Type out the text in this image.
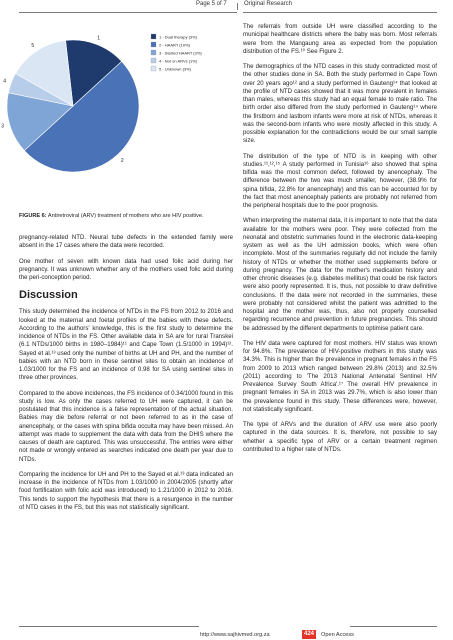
Page 5 of 7	Original Research
1
2
3
4
5
1 - Dual therapy (3%)
2 - HAART (10%)
3 - Started HAART (3%)
4 - Not on ARVs (1%)
5 - Unknown (3%)
FIGURE 6: Antiretroviral (ARV) treatment of mothers who are HIV positive.

pregnancy-related NTD. Neural tube defects in the extended family were absent in the 17 cases where the data were recorded.

One mother of seven with known data had used folic acid during her pregnancy. It was unknown whether any of the mothers used folic acid during the peri-conception period.

Discussion

This study determined the incidence of NTDs in the FS from 2012 to 2016 and looked at the maternal and foetal profiles of the babies with these defects. According to the authors' knowledge, this is the first study to determine the incidence of NTDs in the FS. Other available data in SA are for rural Transkei (6.1 NTDs/1000 births in 1980–1984)¹¹ and Cape Town (1.5/1000 in 1994)¹². Sayed et al.¹³ used only the number of births at UH and PH, and the number of babies with an NTD born in these sentinel sites to obtain an incidence of 1.03/1000 for the FS and an incidence of 0.98 for SA using sentinel sites in three other provinces.

Compared to the above incidences, the FS incidence of 0.34/1000 found in this study is low. As only the cases referred to UH were captured, it can be postulated that this incidence is a false representation of the actual situation. Babies may die before referral or not been referred to as in the case of anencephaly, or the cases with spina bifida occulta may have been missed. An attempt was made to supplement the data with data from the DHIS where the causes of death are captured. This was unsuccessful. The entries were either not made or wrongly entered as searches indicated one death per year due to NTDs.

Comparing the incidence for UH and PH to the Sayed et al.¹³ data indicated an increase in the incidence of NTDs from 1.03/1000 in 2004/2005 (shortly after food fortification with folic acid was introduced) to 1.21/1000 in 2012 to 2016. This tends to support the hypothesis that there is a resurgence in the number of NTD cases in the FS, but this was not statistically significant.

The referrals from outside UH were classified according to the municipal healthcare districts where the baby was born. Most referrals were from the Mangaung area as expected from the population distribution of the FS.¹⁰ See Figure 2.

The demographics of the NTD cases in this study contradicted most of the other studies done in SA. Both the study performed in Cape Town over 20 years ago¹² and a study performed in Gauteng¹⁴ that looked at the profile of NTD cases showed that it was more prevalent in females than males, whereas this study had an equal female to male ratio. The birth order also differed from the study performed in Gauteng¹⁴ where the firstborn and lastborn infants were more at risk of NTDs, whereas it was the second-born infants who were mostly affected in this study. A possible explanation for the contradictions would be our small sample size.

The distribution of the type of NTD is in keeping with other studies.¹¹,¹²,¹⁵ A study performed in Tunisia¹⁶ also showed that spina bifida was the most common defect, followed by anencephaly. The difference between the two was much smaller, however, (38.9% for spina bifida, 22.8% for anencephaly) and this can be accounted for by the fact that most anencephaly patients are probably not referred from the peripheral hospitals due to the poor prognosis.

When interpreting the maternal data, it is important to note that the data available for the mothers were poor. They were collected from the neonatal and obstetric summaries found in the electronic data-keeping system as well as the UH admission books, which were often incomplete. Most of the summaries regularly did not include the family history of NTDs or whether the mother used supplements before or during pregnancy. The data for the mother's medication history and other chronic diseases (e.g. diabetes mellitus) that could be risk factors were also poorly represented. It is, thus, not possible to draw definitive conclusions. If the data were not recorded in the summaries, these were probably not considered whilst the patient was admitted to the hospital and the mother was, thus, also not properly counselled regarding recurrence and prevention in future pregnancies. This should be addressed by the different departments to optimise patient care.

The HIV data were captured for most mothers. HIV status was known for 94.8%. The prevalence of HIV-positive mothers in this study was 34.3%. This is higher than the prevalence in pregnant females in the FS from 2009 to 2013 which ranged between 29.8% (2013) and 32.5% (2011) according to 'The 2013 National Antenatal Sentinel HIV Prevalence Survey South Africa'.¹⁷ The overall HIV prevalence in pregnant females in SA in 2013 was 29.7%, which is also lower than the prevalence found in this study. These differences were, however, not statistically significant.

The type of ARVs and the duration of ARV use were also poorly captured in the data sources. It is, therefore, not possible to say whether a specific type of ARV or a certain treatment regimen contributed to a higher rate of NTDs.

http://www.sajhivmed.org.za	424	Open Access
